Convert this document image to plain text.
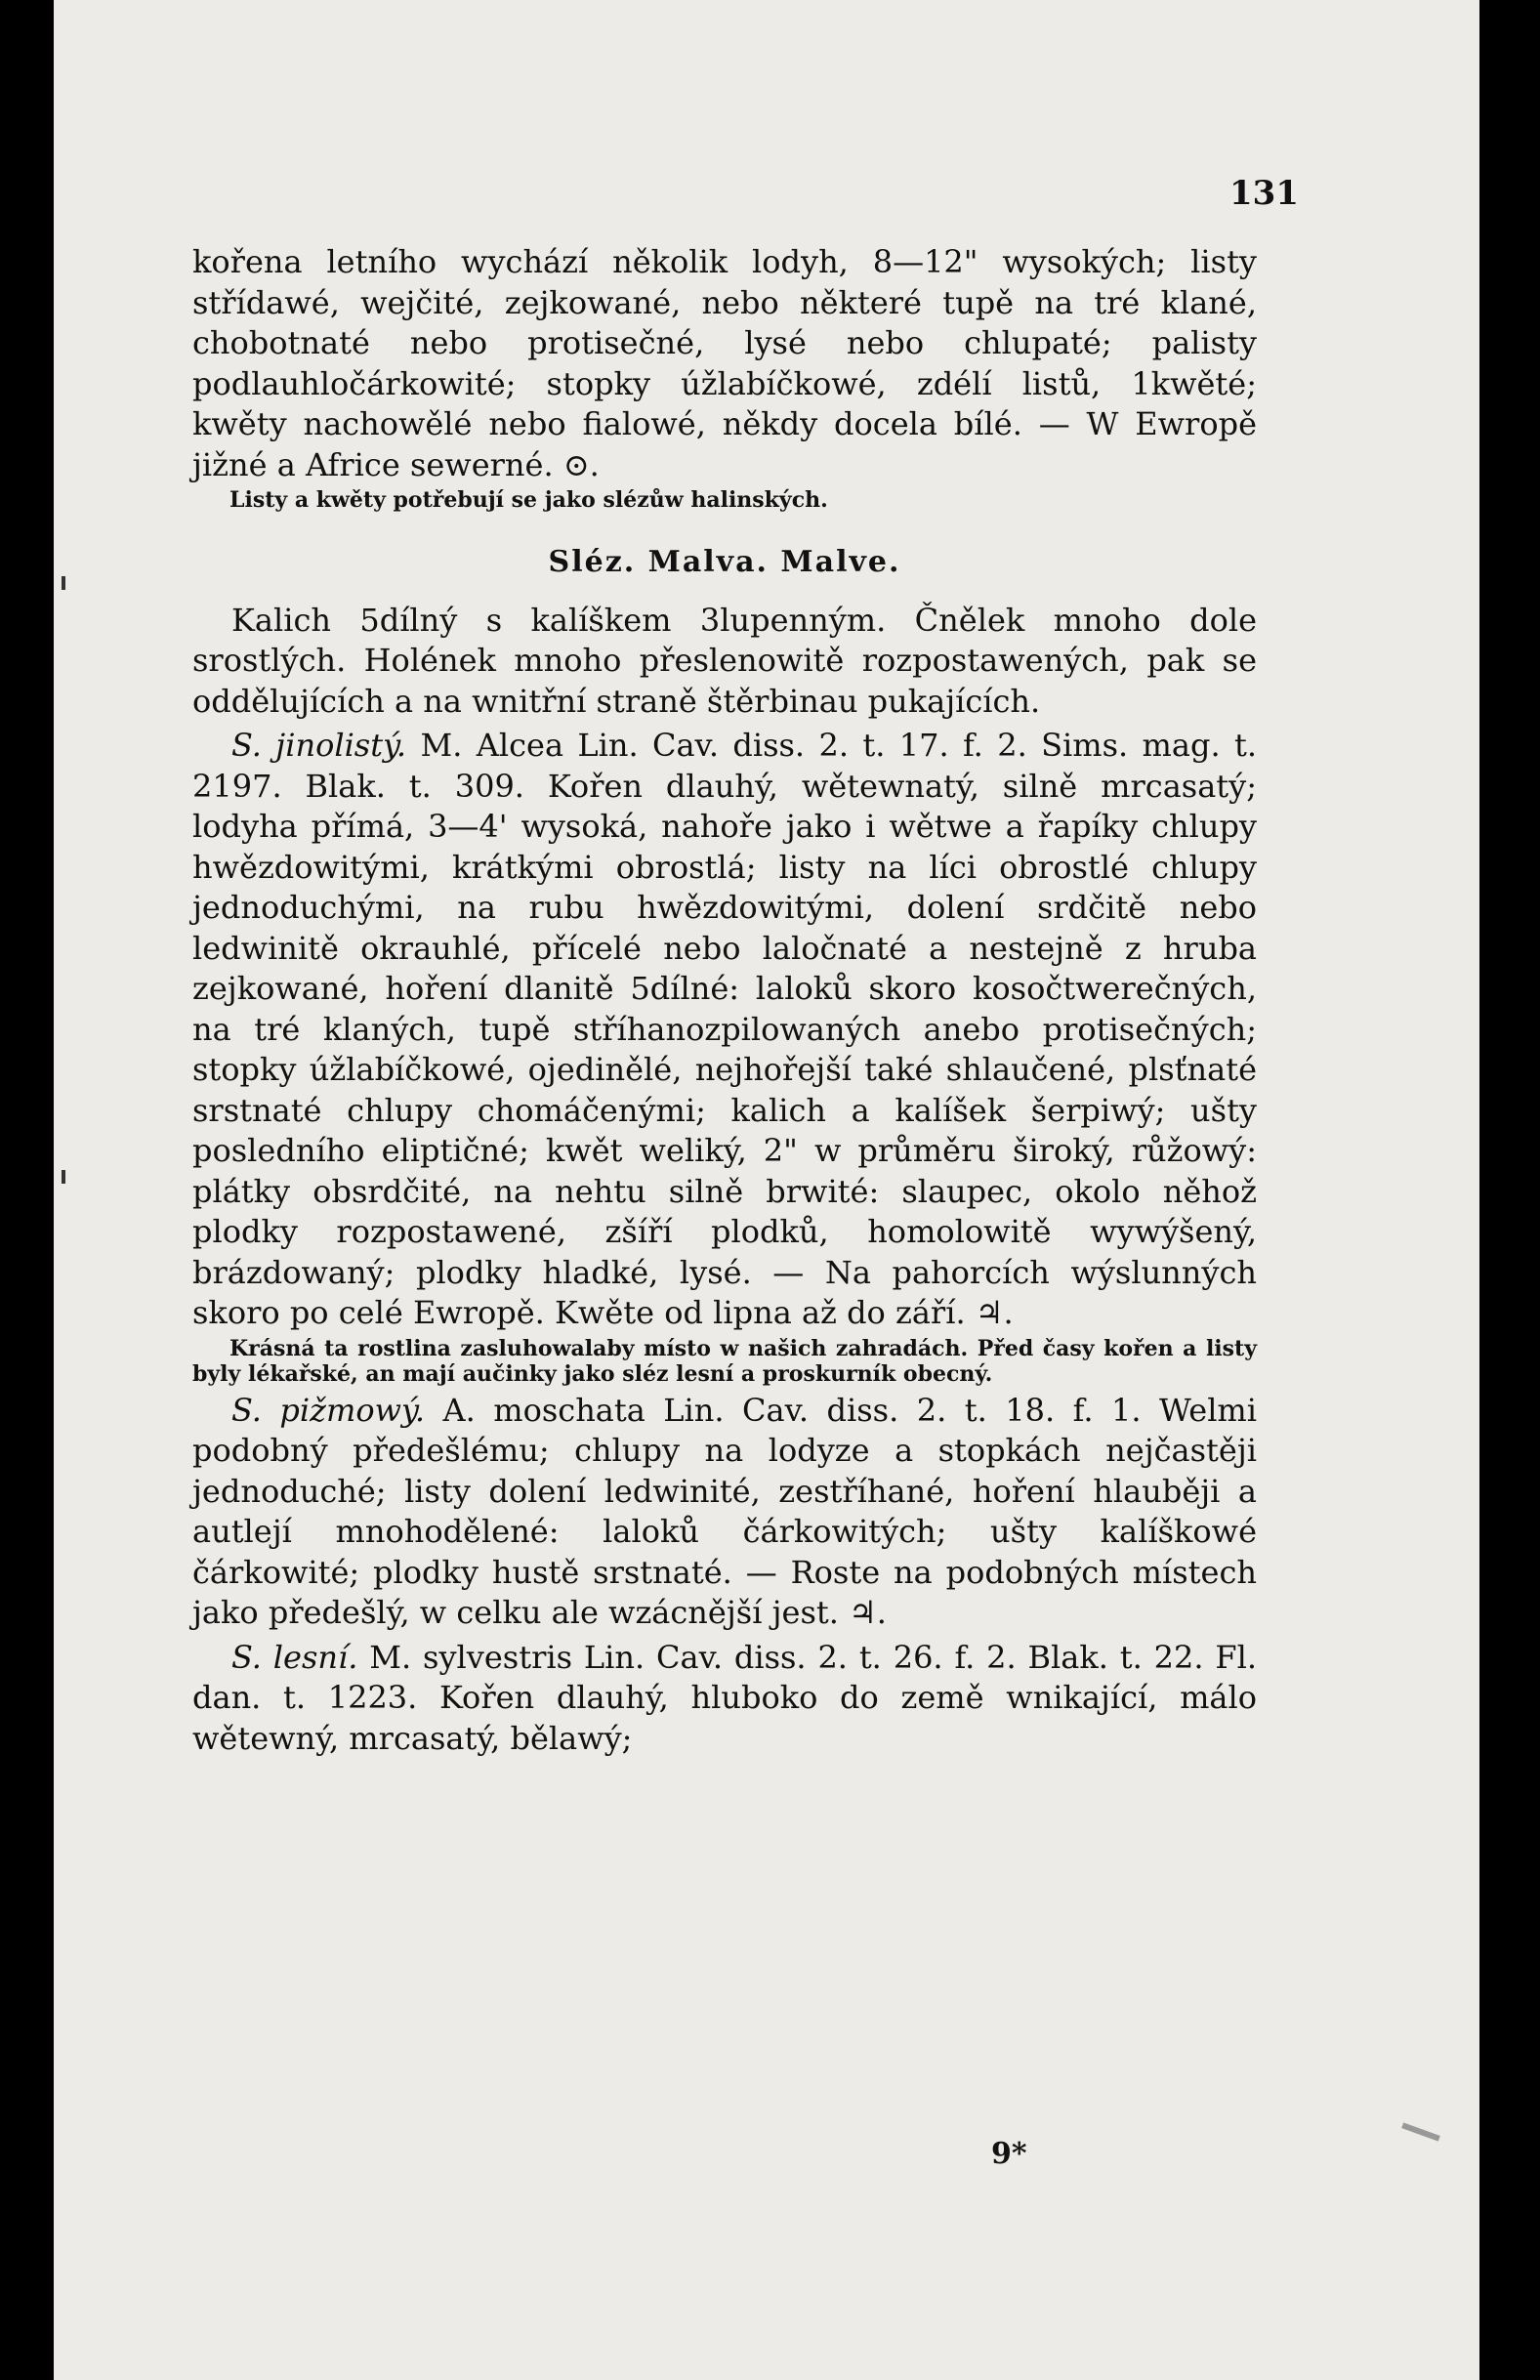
131

kořena letního wychází několik lodyh, 8—12" wysokých; listy střídawé, wejčité, zejkowané, nebo některé tupě na tré klané, chobotnaté nebo protisečné, lysé nebo chlupaté; palisty podlauhločárkowité; stopky úžlabíčkowé, zdélí listů, 1kwěté; kwěty nachowělé nebo fialowé, někdy docela bílé. — W Ewropě jižné a Africe sewerné. ⊙.

Listy a kwěty potřebují se jako slézůw halinských.

Sléz. Malva. Malve.

Kalich 5dílný s kalíškem 3lupenným. Čnělek mnoho dole srostlých. Holének mnoho přeslenowitě rozpostawených, pak se oddělujících a na wnitřní straně štěrbinau pukajících.

S. jinolistý. M. Alcea Lin. Cav. diss. 2. t. 17. f. 2. Sims. mag. t. 2197. Blak. t. 309. Kořen dlauhý, wětewnatý, silně mrcasatý; lodyha přímá, 3—4' wysoká, nahoře jako i wětwe a řapíky chlupy hwězdowitými, krátkými obrostlá; listy na líci obrostlé chlupy jednoduchými, na rubu hwězdowitými, dolení srdčitě nebo ledwinitě okrauhlé, přícelé nebo laločnaté a nestejně z hruba zejkowané, hoření dlanitě 5dílné: laloků skoro kosočtwerečných, na tré klaných, tupě stříhanozpilowaných anebo protisečných; stopky úžlabíčkowé, ojedinělé, nejhořejší také shlaučené, plsťnaté srstnaté chlupy chomáčenými; kalich a kalíšek šerpiwý; ušty posledního eliptičné; kwět weliký, 2" w průměru široký, růžowý: plátky obsrdčité, na nehtu silně brwité: slaupec, okolo něhož plodky rozpostawené, zšíří plodků, homolowitě wywýšený, brázdowaný; plodky hladké, lysé. — Na pahorcích wýslunných skoro po celé Ewropě. Kwěte od lipna až do září. ♃.

Krásná ta rostlina zasluhowalaby místo w našich zahradách. Před časy kořen a listy byly lékařské, an mají aučinky jako sléz lesní a proskurník obecný.

S. pižmowý. A. moschata Lin. Cav. diss. 2. t. 18. f. 1. Welmi podobný předešlému; chlupy na lodyze a stopkách nejčastěji jednoduché; listy dolení ledwinité, zestříhané, hoření hlauběji a autlejí mnohodělené: laloků čárkowitých; ušty kalíškowé čárkowité; plodky hustě srstnaté. — Roste na podobných místech jako předešlý, w celku ale wzácnější jest. ♃.

S. lesní. M. sylvestris Lin. Cav. diss. 2. t. 26. f. 2. Blak. t. 22. Fl. dan. t. 1223. Kořen dlauhý, hluboko do země wnikající, málo wětewný, mrcasatý, bělawý;

9*
